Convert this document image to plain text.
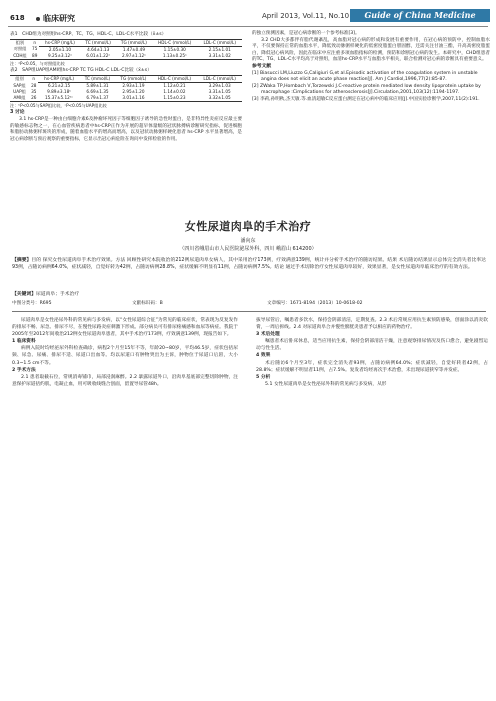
618	临床研究	April 2013, Vol.11, No.10	Guide of China Medicine
表1　CHD组为对照组hs-CRP、TC、TG、HDL-C、LDL-C水平比较（x̄±s）
组别	n	hs-CRP (mg/L)	TC (mmol/L)	TG (mmol/L)	HDL-C (mmol/L)	LDL-C (mmol/L)

对照组	75	2.05±1.10	4.64±1.13	1.47±0.49	1.15±0.30	2.15±1.01
CDH组	89	9.25±3.12ᵃ	6.01±1.22ᵃ	2.97±1.12ᵃ	1.13±0.25ᵃ	3.31±1.02
注：ᵃP<0.05，与对照组比较
表2　SAP组UAP组AMI组hs-CRP TC TG HDL-C LDL-C比较（x̄±s）
组别	n	hs-CRP (mg/L)	TC (mmol/L)	TG (mmol/L)	HDL-C (mmol/L)	LDL-C (mmol/L)

SAP组	28	6.21±2.15	5.89±1.31	2.93±1.19	1.12±0.21	3.29±1.03
UAP组	35	9.89±3.18ᵇ	6.69±1.35	2.95±1.20	1.14±0.02	3.31±1.05
AMI组	26	15.37±5.12ᵇᶜ	6.79±1.37	3.01±1.16	1.15±0.23	3.32±1.05
注：ᵇP<0.05与SAP组比较，ᶜP<0.05与UAP组比较
3 讨论

3.1 hs-CRP是一种由白细胞介素6及肿瘤坏死因子等细胞因子诱导的急性时蛋白，是非特异性炎症反应最主要的敏感标志物之一，在心血管疾病患者中hs-CRP正作为开展的超早体量级的冠状脉搏病诊断研究指标，促进细胞和脂肪动脉粥样斑块的形成，随着血脂水平的增高而增高，以及冠状动脉粥样硬化患者 hs-CRP 水平显著增高，是冠心病诊断与预后观察的重要指标，它显示出冠心病危险在询问中发挥检验的作用。

的独立预测因素，是冠心病诊断的一个参考标准[3]。

3.2 CHD大多都伴有脂代谢紊乱，高血脂对冠心病的形成和发展有重要作用，在冠心病的预防中，控制血脂水平，不仅要保持正常的血脂水平，降低致动脉粥样硬化的低密度脂蛋白胆固醇，还需关注甘油三酯，升高高密度脂蛋白，降低冠心病风险，因此在临床中应注重多项血脂指标的检测，预防和诊断冠心病的发生。本研究中，CHD组患者的TC、TG、LDL-C水平均高于对照组，血清hs-CRP水平与血脂水平相关，联合检测对冠心病的诊断具有重要意义。

参考文献
[1] Biasucci LM,Liuzzo G,Caligiuri G,et al.Episodic activation of the coagulation system in unstable angina does not elicit an acute phase reaction[J]. Am J Cardiol,1996,77(2):85-87.
[2] ZWaka TP,Hombach V,Torzewski J.C-reactive protein mediated low density lipoprotein uptake by macrophage :Cimplications for atherosclerosis[J].Circulation,2001,103(12):1194-1197.
[3] 李莉,孙明秋,杰天敏.等.血清超敏C反应蛋白测定在冠心病中的临床应用[J].中国实验诊断学,2007,11(2):191.
女性尿道肉阜的手术治疗
潘向东
（四川省峨眉山市人民医院泌尿外科，四川 峨眉山 614200）
【摘要】目的 探究女性尿道肉阜手术治疗效果。方法 回顾性研究本院收治的212例尿道肉阜女病人，其中采用治疗173例，疗效满意139例，统计并分析手术治疗的随访结果。结果 术后随访结果显示总体完全消失者比率达93例，占随访病例64.0%，症状减轻，自觉好转为42例，占随访病例28.8%，症状缓解不明显有11例，占随访病例7.5%。结论 通过手术切除治疗女性尿道肉阜较好，效果显著，是女性尿道肉阜临床治疗的有效方法。
【关键词】尿道肉阜；手术治疗
中图分类号：R695	文献标识码：B	文章编号：1671-8194（2013）10-0618-02

尿道肉阜是女性泌尿外科的常见病与多发病，以“女性尿道综合征”为常见的临床症状，常表现为反复发作的排尿不畅、尿急、排尿不尽，在慢性尿路炎症刺激下形成。部分病员可有排尿疼痛感和血尿等病症。我院于2005年至2012年间收治212例女性尿道肉阜患者，其中手术治疗173例，疗效满意139例，现报告如下。

1 临床资料

病例入院时均经泌尿外科检查确诊，病程2个月至15年不等，年龄20~80岁，平均46.5岁，症状包括尿频、尿急、尿痛、排尿不适、尿道口出血等。均以尿道口有肿物突出为主诉，肿物位于尿道口后唇，大小0.3~1.5 cm不等。

2 手术方法

2.1 患者取截石位，常规消毒铺巾，局部浸润麻醉。2.2 暴露尿道外口，沿肉阜基底部完整切除肿物，注意保护尿道括约肌，电凝止血，用可吸收线缝合创面，留置导尿管48h。

拔导尿管后，嘱患者多饮水，保持会阴部清洁，定期复查。2.3 术后常规应用抗生素预防感染，创面涂以消炎软膏，一周后拆线。2.4 对尿道肉阜合并慢性膀胱炎患者予以相应的药物治疗。

3 术后处理

嘱患者术后卧床休息，适当应用抗生素，保持会阴部清洁干燥，注意观察排尿情况及伤口愈合，避免剧烈运动与性生活。

4 效果

术后随访6个月至3年，症状完全消失者93例，占随访病例64.0%；症状减轻，自觉好转者42例，占28.8%；症状缓解不明显者11例，占7.5%。复发者均经再次手术治愈，未出现尿道狭窄等并发症。

5 分析

5.1 女性尿道肉阜是女性泌尿外科的常见病与多发病，从形
